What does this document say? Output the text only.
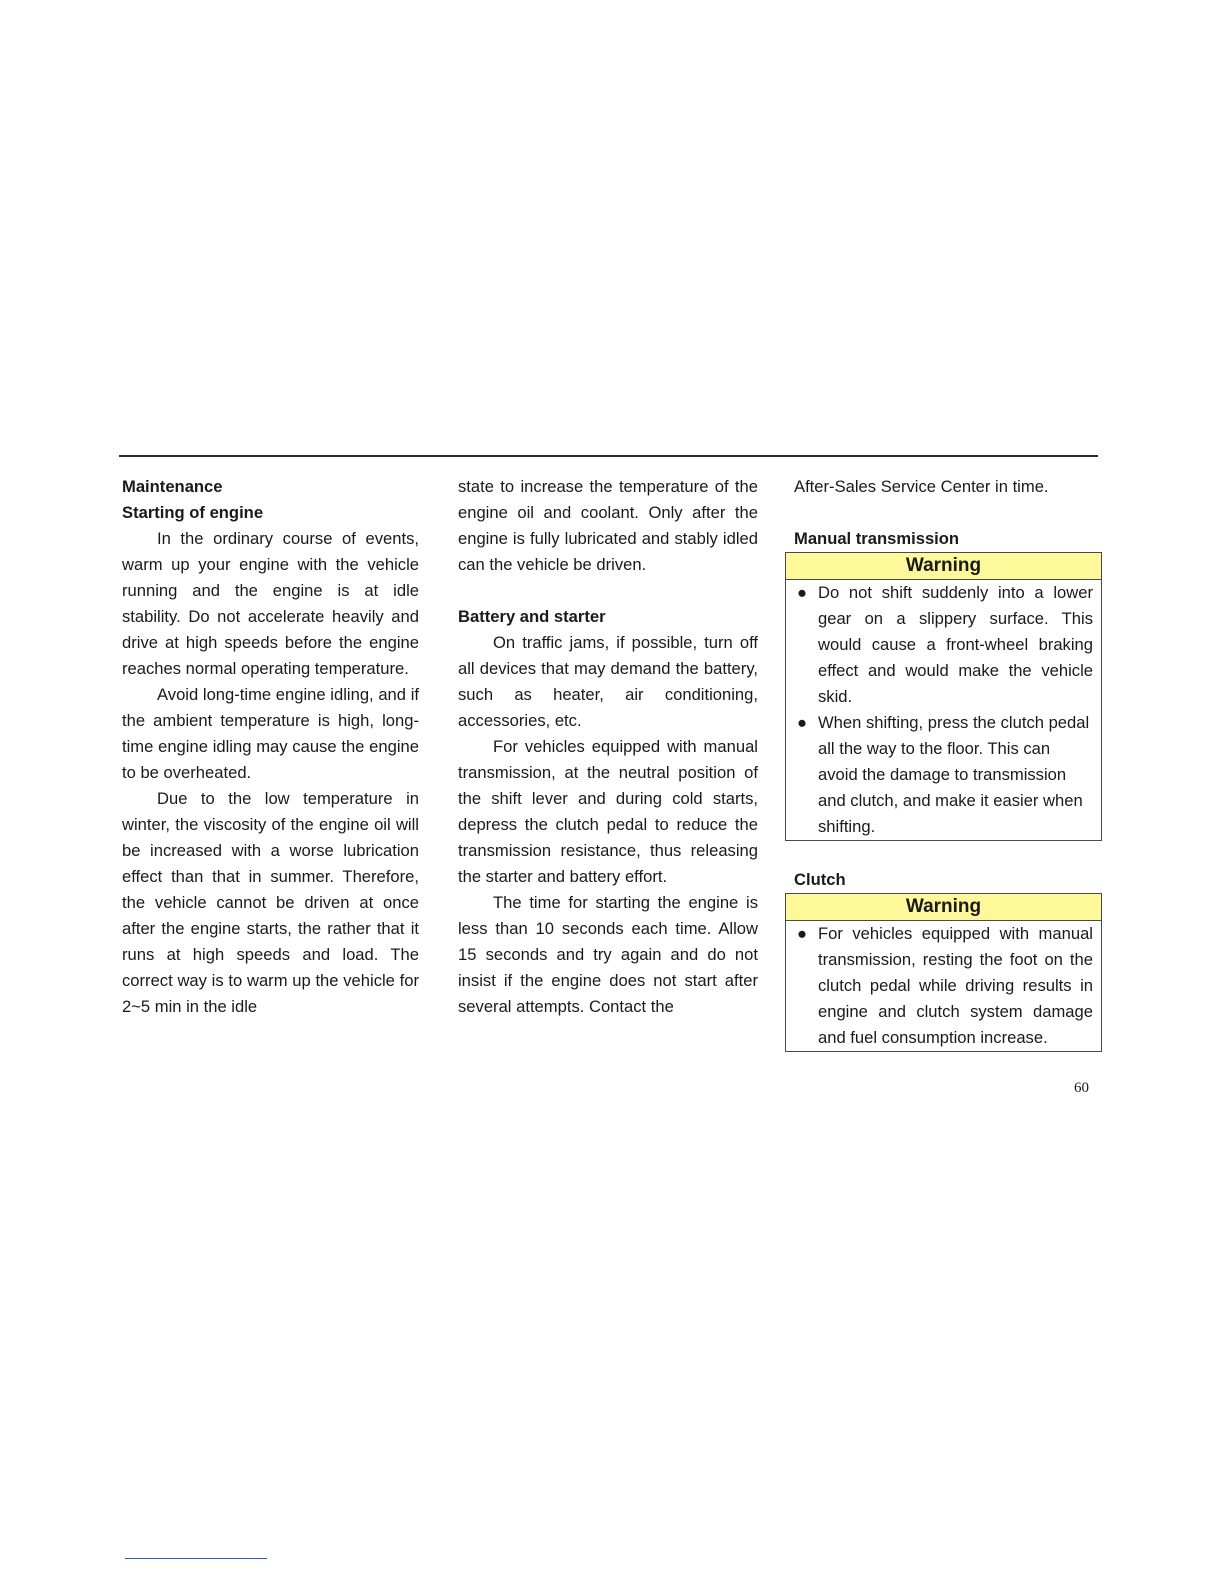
Maintenance
Starting of engine

In the ordinary course of events, warm up your engine with the vehicle running and the engine is at idle stability. Do not accelerate heavily and drive at high speeds before the engine reaches normal operating temperature.

Avoid long-time engine idling, and if the ambient temperature is high, long-time engine idling may cause the engine to be overheated.

Due to the low temperature in winter, the viscosity of the engine oil will be increased with a worse lubrication effect than that in summer. Therefore, the vehicle cannot be driven at once after the engine starts, the rather that it runs at high speeds and load. The correct way is to warm up the vehicle for 2~5 min in the idle

state to increase the temperature of the engine oil and coolant. Only after the engine is fully lubricated and stably idled can the vehicle be driven.

Battery and starter

On traffic jams, if possible, turn off all devices that may demand the battery, such as heater, air conditioning, accessories, etc.

For vehicles equipped with manual transmission, at the neutral position of the shift lever and during cold starts, depress the clutch pedal to reduce the transmission resistance, thus releasing the starter and battery effort.

The time for starting the engine is less than 10 seconds each time. Allow 15 seconds and try again and do not insist if the engine does not start after several attempts. Contact the

After-Sales Service Center in time.
Manual transmission
Warning
● Do not shift suddenly into a lower gear on a slippery surface. This would cause a front-wheel braking effect and would make the vehicle skid.
● When shifting, press the clutch pedal all the way to the floor. This can avoid the damage to transmission and clutch, and make it easier when shifting.
Clutch
Warning
● For vehicles equipped with manual transmission, resting the foot on the clutch pedal while driving results in engine and clutch system damage and fuel consumption increase.
60
